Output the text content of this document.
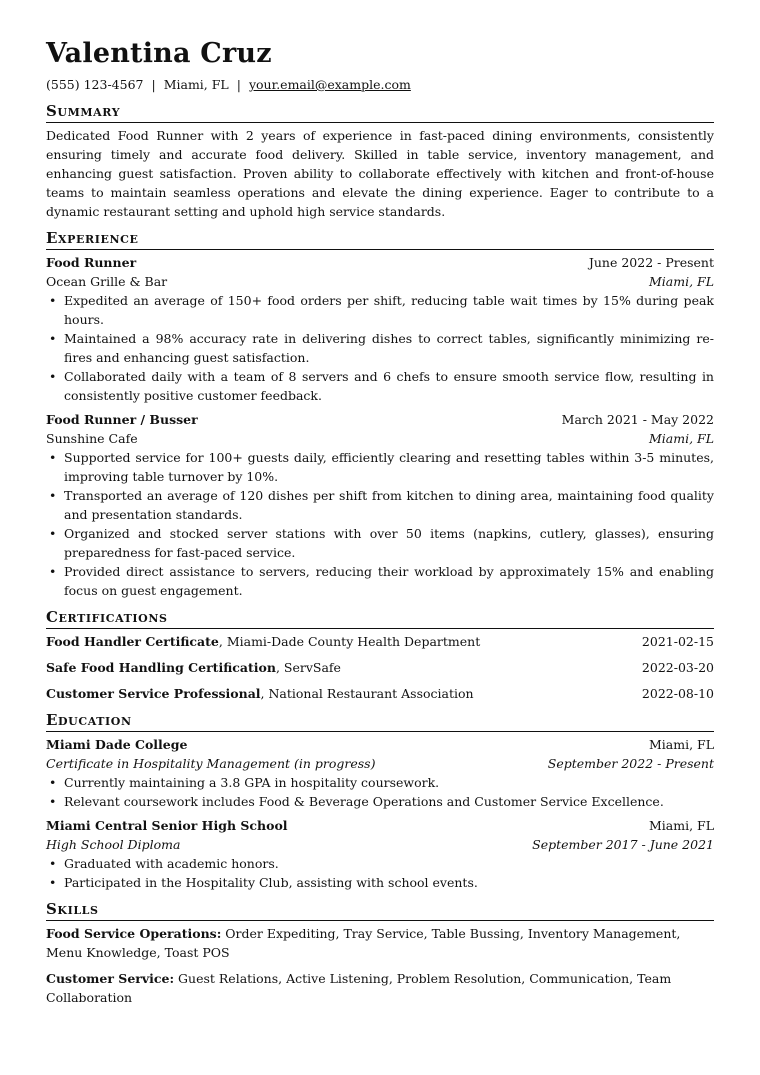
Valentina Cruz
(555) 123-4567 | Miami, FL | your.email@example.com
Summary

Dedicated Food Runner with 2 years of experience in fast-paced dining environments, consistently ensuring timely and accurate food delivery. Skilled in table service, inventory management, and enhancing guest satisfaction. Proven ability to collaborate effectively with kitchen and front-of-house teams to maintain seamless operations and elevate the dining experience. Eager to contribute to a dynamic restaurant setting and uphold high service standards.

Experience
Food Runner	June 2022 - Present
Ocean Grille & Bar	Miami, FL
• Expedited an average of 150+ food orders per shift, reducing table wait times by 15% during peak hours.
• Maintained a 98% accuracy rate in delivering dishes to correct tables, significantly minimizing re-fires and enhancing guest satisfaction.
• Collaborated daily with a team of 8 servers and 6 chefs to ensure smooth service flow, resulting in consistently positive customer feedback.
Food Runner / Busser	March 2021 - May 2022
Sunshine Cafe	Miami, FL
• Supported service for 100+ guests daily, efficiently clearing and resetting tables within 3-5 minutes, improving table turnover by 10%.
• Transported an average of 120 dishes per shift from kitchen to dining area, maintaining food quality and presentation standards.
• Organized and stocked server stations with over 50 items (napkins, cutlery, glasses), ensuring preparedness for fast-paced service.
• Provided direct assistance to servers, reducing their workload by approximately 15% and enabling focus on guest engagement.
Certifications
Food Handler Certificate, Miami-Dade County Health Department	2021-02-15
Safe Food Handling Certification, ServSafe	2022-03-20
Customer Service Professional, National Restaurant Association	2022-08-10
Education
Miami Dade College	Miami, FL
Certificate in Hospitality Management (in progress)	September 2022 - Present
• Currently maintaining a 3.8 GPA in hospitality coursework.
• Relevant coursework includes Food & Beverage Operations and Customer Service Excellence.
Miami Central Senior High School	Miami, FL
High School Diploma	September 2017 - June 2021
• Graduated with academic honors.
• Participated in the Hospitality Club, assisting with school events.
Skills

Food Service Operations: Order Expediting, Tray Service, Table Bussing, Inventory Management, Menu Knowledge, Toast POS

Customer Service: Guest Relations, Active Listening, Problem Resolution, Communication, Team Collaboration
